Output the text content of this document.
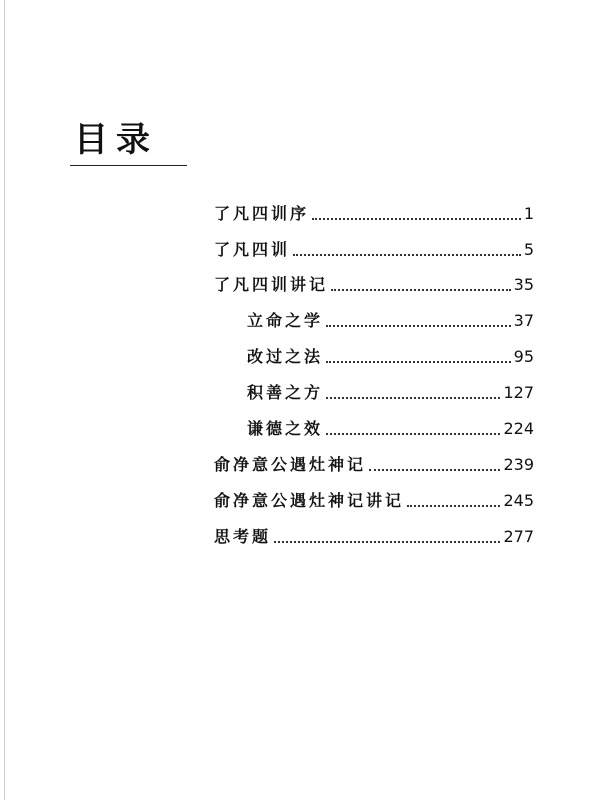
目录
了凡四训序	1
了凡四训	5
了凡四训讲记	35
立命之学	37
改过之法	95
积善之方	127
谦德之效	224
俞净意公遇灶神记	239
俞净意公遇灶神记讲记	245
思考题	277
